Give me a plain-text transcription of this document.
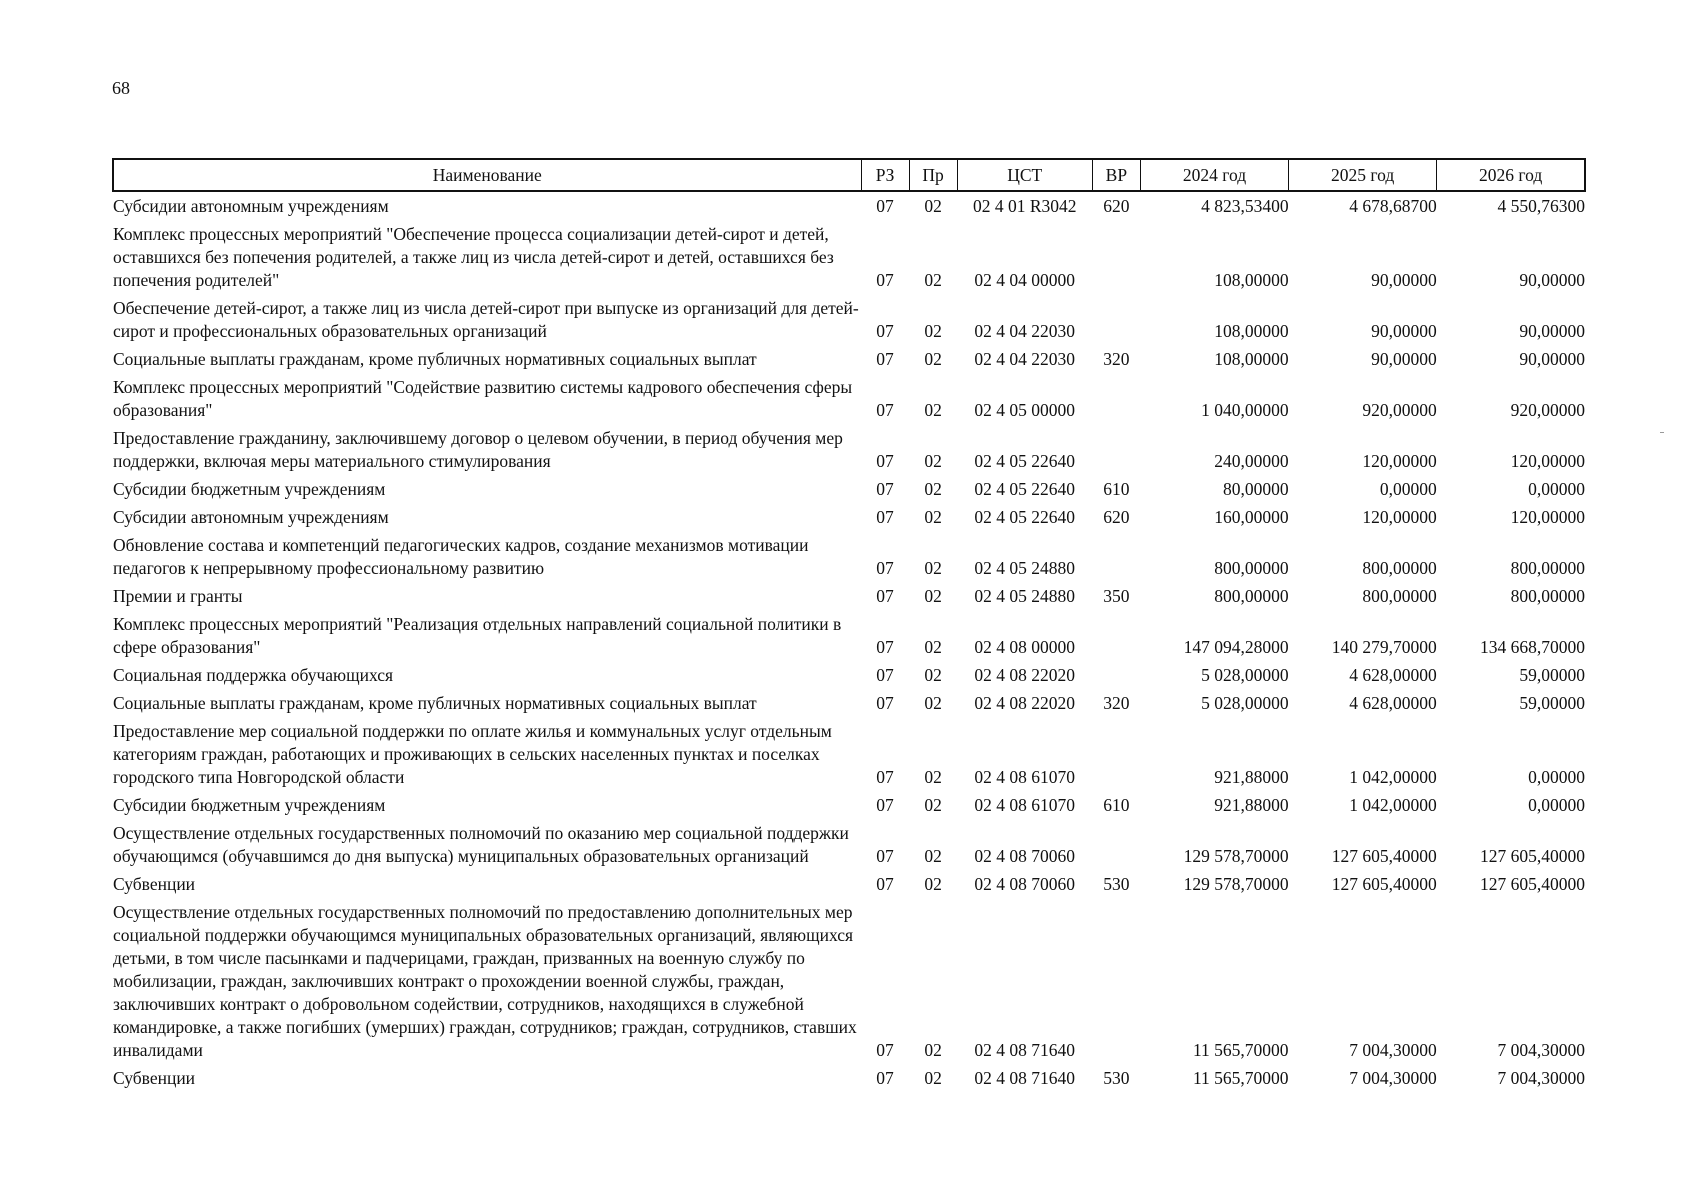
68
Наименование	РЗ	Пр	ЦСТ	ВР	2024 год	2025 год	2026 год
Субсидии автономным учреждениям	07	02	02 4 01 R3042	620	4 823,53400	4 678,68700	4 550,76300
Комплекс процессных мероприятий "Обеспечение процесса социализации детей-сирот и детей, оставшихся без попечения родителей, а также лиц из числа детей-сирот и детей, оставшихся без попечения родителей"	07	02	02 4 04 00000		108,00000	90,00000	90,00000
Обеспечение детей-сирот, а также лиц из числа детей-сирот при выпуске из организаций для детей-сирот и профессиональных образовательных организаций	07	02	02 4 04 22030		108,00000	90,00000	90,00000
Социальные выплаты гражданам, кроме публичных нормативных социальных выплат	07	02	02 4 04 22030	320	108,00000	90,00000	90,00000
Комплекс процессных мероприятий "Содействие развитию системы кадрового обеспечения сферы образования"	07	02	02 4 05 00000		1 040,00000	920,00000	920,00000
Предоставление гражданину, заключившему договор о целевом обучении, в период обучения мер поддержки, включая меры материального стимулирования	07	02	02 4 05 22640		240,00000	120,00000	120,00000
Субсидии бюджетным учреждениям	07	02	02 4 05 22640	610	80,00000	0,00000	0,00000
Субсидии автономным учреждениям	07	02	02 4 05 22640	620	160,00000	120,00000	120,00000
Обновление состава и компетенций педагогических кадров, создание механизмов мотивации педагогов к непрерывному профессиональному развитию	07	02	02 4 05 24880		800,00000	800,00000	800,00000
Премии и гранты	07	02	02 4 05 24880	350	800,00000	800,00000	800,00000
Комплекс процессных мероприятий "Реализация отдельных направлений социальной политики в сфере образования"	07	02	02 4 08 00000		147 094,28000	140 279,70000	134 668,70000
Социальная поддержка обучающихся	07	02	02 4 08 22020		5 028,00000	4 628,00000	59,00000
Социальные выплаты гражданам, кроме публичных нормативных социальных выплат	07	02	02 4 08 22020	320	5 028,00000	4 628,00000	59,00000
Предоставление мер социальной поддержки по оплате жилья и коммунальных услуг отдельным категориям граждан, работающих и проживающих в сельских населенных пунктах и поселках городского типа Новгородской области	07	02	02 4 08 61070		921,88000	1 042,00000	0,00000
Субсидии бюджетным учреждениям	07	02	02 4 08 61070	610	921,88000	1 042,00000	0,00000
Осуществление отдельных государственных полномочий по оказанию мер социальной поддержки обучающимся (обучавшимся до дня выпуска) муниципальных образовательных организаций	07	02	02 4 08 70060		129 578,70000	127 605,40000	127 605,40000
Субвенции	07	02	02 4 08 70060	530	129 578,70000	127 605,40000	127 605,40000
Осуществление отдельных государственных полномочий по предоставлению дополнительных мер социальной поддержки обучающимся муниципальных образовательных организаций, являющихся детьми, в том числе пасынками и падчерицами, граждан, призванных на военную службу по мобилизации, граждан, заключивших контракт о прохождении военной службы, граждан, заключивших контракт о добровольном содействии, сотрудников, находящихся в служебной командировке, а также погибших (умерших) граждан, сотрудников; граждан, сотрудников, ставших инвалидами	07	02	02 4 08 71640		11 565,70000	7 004,30000	7 004,30000
Субвенции	07	02	02 4 08 71640	530	11 565,70000	7 004,30000	7 004,30000
